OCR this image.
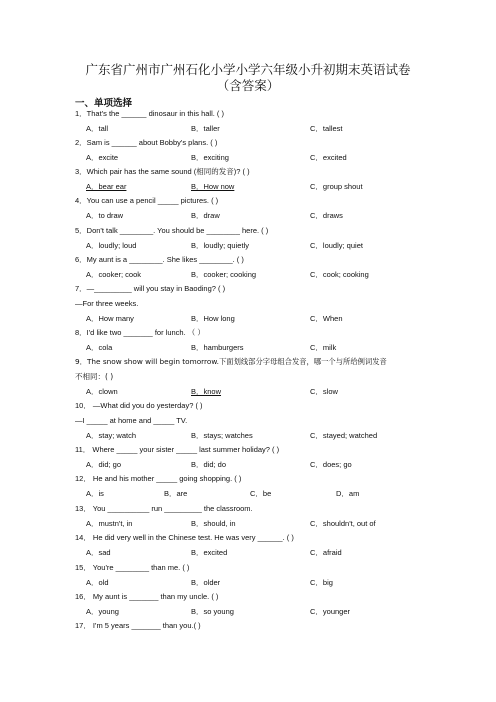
广东省广州市广州石化小学小学六年级小升初期末英语试卷
（含答案）
一、单项选择
1．That's the ______ dinosaur in this hall. ( )
A．tall	B．taller	C．tallest
2．Sam is ______ about Bobby's plans. ( )
A．excite	B．exciting	C．excited
3．Which pair has the same sound (相同的发音)? ( )
A．bear ear	B．How now	C．group shout
4．You can use a pencil _____ pictures. ( )
A．to draw	B．draw	C．draws
5．Don't talk ________. You should be ________ here. ( )
A．loudly; loud	B．loudly; quietly	C．loudly; quiet
6．My aunt is a ________. She likes ________. ( )
A．cooker; cook	B．cooker; cooking	C．cook; cooking
7．—_________ will you stay in Baoding? ( )
—For three weeks.
A．How many	B．How long	C．When
8．I'd like two _______ for lunch. （ ）
A．cola	B．hamburgers	C．milk
9．The snow show will begin tomorrow.下面划线部分字母组合发音，哪一个与所给例词发音
不相同：( )
A．clown	B．know	C．slow
10． —What did you do yesterday? ( )
—I _____ at home and _____ TV.
A．stay; watch	B．stays; watches	C．stayed; watched
11． Where _____ your sister _____ last summer holiday? ( )
A．did; go	B．did; do	C．does; go
12． He and his mother _____ going shopping. ( )
A．is	B．are	C．be	D．am
13． You __________ run _________ the classroom.
A．mustn't, in	B．should, in	C．shouldn't, out of
14． He did very well in the Chinese test. He was very ______. ( )
A．sad	B．excited	C．afraid
15． You're ________ than me. ( )
A．old	B．older	C．big
16． My aunt is _______ than my uncle. ( )
A．young	B．so young	C．younger
17． I'm 5 years _______ than you.( )
